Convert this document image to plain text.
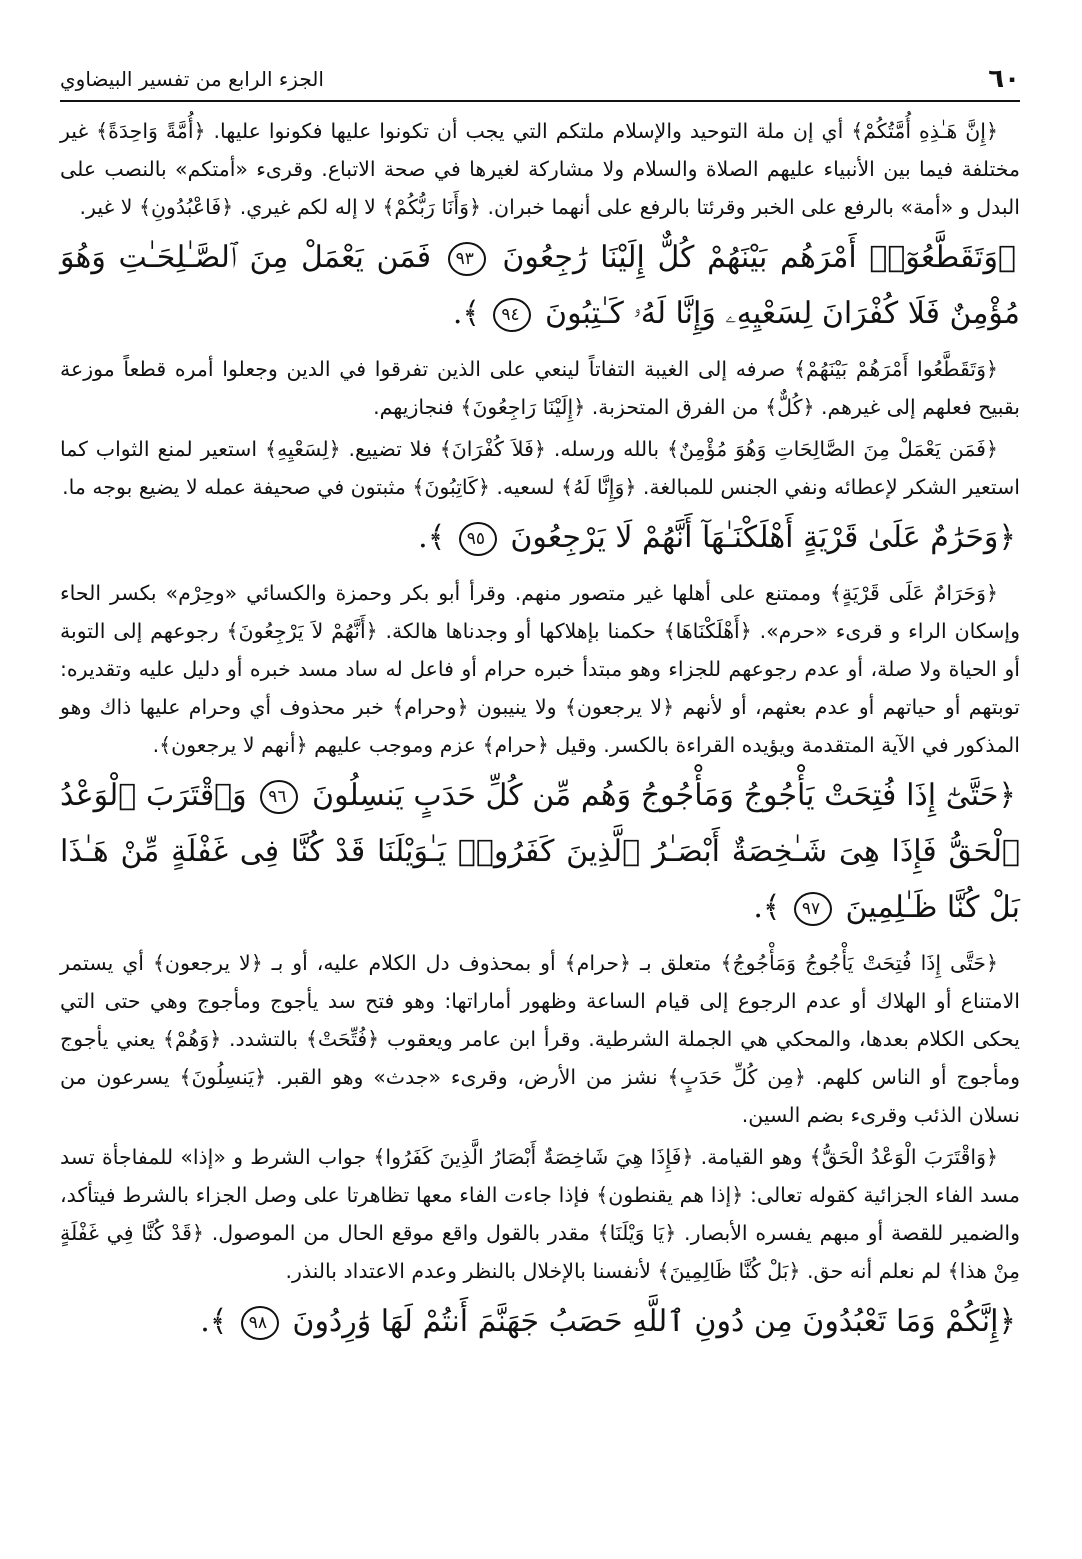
٦٠
الجزء الرابع من تفسير البيضاوي

﴿إِنَّ هَـٰذِهِ أُمَّتُكُمْ﴾ أي إن ملة التوحيد والإسلام ملتكم التي يجب أن تكونوا عليها فكونوا عليها. ﴿أُمَّةً وَاحِدَةً﴾ غير مختلفة فيما بين الأنبياء عليهم الصلاة والسلام ولا مشاركة لغيرها في صحة الاتباع. وقرىء «أمتكم» بالنصب على البدل و «أمة» بالرفع على الخبر وقرئتا بالرفع على أنهما خبران. ﴿وَأَنَا رَبُّكُمْ﴾ لا إله لكم غيري. ﴿فَاعْبُدُونِ﴾ لا غير.

﴿وَتَقَطَّعُوٓا۟ أَمْرَهُم بَيْنَهُمْ كُلٌّ إِلَيْنَا رَٰجِعُونَ ٩٣ فَمَن يَعْمَلْ مِنَ ٱلصَّـٰلِحَـٰتِ وَهُوَ مُؤْمِنٌ فَلَا كُفْرَانَ لِسَعْيِهِۦ وَإِنَّا لَهُۥ كَـٰتِبُونَ ٩٤ ﴾.

﴿وَتَقَطَّعُوا أَمْرَهُمْ بَيْنَهُمْ﴾ صرفه إلى الغيبة التفاتاً لينعي على الذين تفرقوا في الدين وجعلوا أمره قطعاً موزعة بقبيح فعلهم إلى غيرهم. ﴿كُلٌّ﴾ من الفرق المتحزبة. ﴿إِلَيْنَا رَاجِعُونَ﴾ فنجازيهم.

﴿فَمَن يَعْمَلْ مِنَ الصَّالِحَاتِ وَهُوَ مُؤْمِنٌ﴾ بالله ورسله. ﴿فَلاَ كُفْرَانَ﴾ فلا تضييع. ﴿لِسَعْيِهِ﴾ استعير لمنع الثواب كما استعير الشكر لإعطائه ونفي الجنس للمبالغة. ﴿وَإِنَّا لَهُ﴾ لسعيه. ﴿كَاتِبُونَ﴾ مثبتون في صحيفة عمله لا يضيع بوجه ما.

﴿وَحَرَٰمٌ عَلَىٰ قَرْيَةٍ أَهْلَكْنَـٰهَآ أَنَّهُمْ لَا يَرْجِعُونَ ٩٥ ﴾.

﴿وَحَرَامٌ عَلَى قَرْيَةٍ﴾ وممتنع على أهلها غير متصور منهم. وقرأ أبو بكر وحمزة والكسائي «وحِرْم» بكسر الحاء وإسكان الراء و قرىء «حرم». ﴿أَهْلَكْنَاهَا﴾ حكمنا بإهلاكها أو وجدناها هالكة. ﴿أَنَّهُمْ لاَ يَرْجِعُونَ﴾ رجوعهم إلى التوبة أو الحياة ولا صلة، أو عدم رجوعهم للجزاء وهو مبتدأ خبره حرام أو فاعل له ساد مسد خبره أو دليل عليه وتقديره: توبتهم أو حياتهم أو عدم بعثهم، أو لأنهم ﴿لا يرجعون﴾ ولا ينيبون ﴿وحرام﴾ خبر محذوف أي وحرام عليها ذاك وهو المذكور في الآية المتقدمة ويؤيده القراءة بالكسر. وقيل ﴿حرام﴾ عزم وموجب عليهم ﴿أنهم لا يرجعون﴾.

﴿حَتَّىٰٓ إِذَا فُتِحَتْ يَأْجُوجُ وَمَأْجُوجُ وَهُم مِّن كُلِّ حَدَبٍ يَنسِلُونَ ٩٦ وَٱقْتَرَبَ ٱلْوَعْدُ ٱلْحَقُّ فَإِذَا هِىَ شَـٰخِصَةٌ أَبْصَـٰرُ ٱلَّذِينَ كَفَرُوا۟ يَـٰوَيْلَنَا قَدْ كُنَّا فِى غَفْلَةٍ مِّنْ هَـٰذَا بَلْ كُنَّا ظَـٰلِمِينَ ٩٧ ﴾.

﴿حَتَّى إِذَا فُتِحَتْ يَأْجُوجُ وَمَأْجُوجُ﴾ متعلق بـ ﴿حرام﴾ أو بمحذوف دل الكلام عليه، أو بـ ﴿لا يرجعون﴾ أي يستمر الامتناع أو الهلاك أو عدم الرجوع إلى قيام الساعة وظهور أماراتها: وهو فتح سد يأجوج ومأجوج وهي حتى التي يحكى الكلام بعدها، والمحكي هي الجملة الشرطية. وقرأ ابن عامر ويعقوب ﴿فُتِّحَتْ﴾ بالتشدد. ﴿وَهُمْ﴾ يعني يأجوج ومأجوج أو الناس كلهم. ﴿مِن كُلِّ حَدَبٍ﴾ نشز من الأرض، وقرىء «جدث» وهو القبر. ﴿يَنسِلُونَ﴾ يسرعون من نسلان الذئب وقرىء بضم السين.

﴿وَاقْتَرَبَ الْوَعْدُ الْحَقُّ﴾ وهو القيامة. ﴿فَإِذَا هِيَ شَاخِصَةٌ أَبْصَارُ الَّذِينَ كَفَرُوا﴾ جواب الشرط و «إذا» للمفاجأة تسد مسد الفاء الجزائية كقوله تعالى: ﴿إذا هم يقنطون﴾ فإذا جاءت الفاء معها تظاهرتا على وصل الجزاء بالشرط فيتأكد، والضمير للقصة أو مبهم يفسره الأبصار. ﴿يَا وَيْلَنَا﴾ مقدر بالقول واقع موقع الحال من الموصول. ﴿قَدْ كُنَّا فِي غَفْلَةٍ مِنْ هذا﴾ لم نعلم أنه حق. ﴿بَلْ كُنَّا ظَالِمِينَ﴾ لأنفسنا بالإخلال بالنظر وعدم الاعتداد بالنذر.

﴿إِنَّكُمْ وَمَا تَعْبُدُونَ مِن دُونِ ٱللَّهِ حَصَبُ جَهَنَّمَ أَنتُمْ لَهَا وَٰرِدُونَ ٩٨ ﴾.
